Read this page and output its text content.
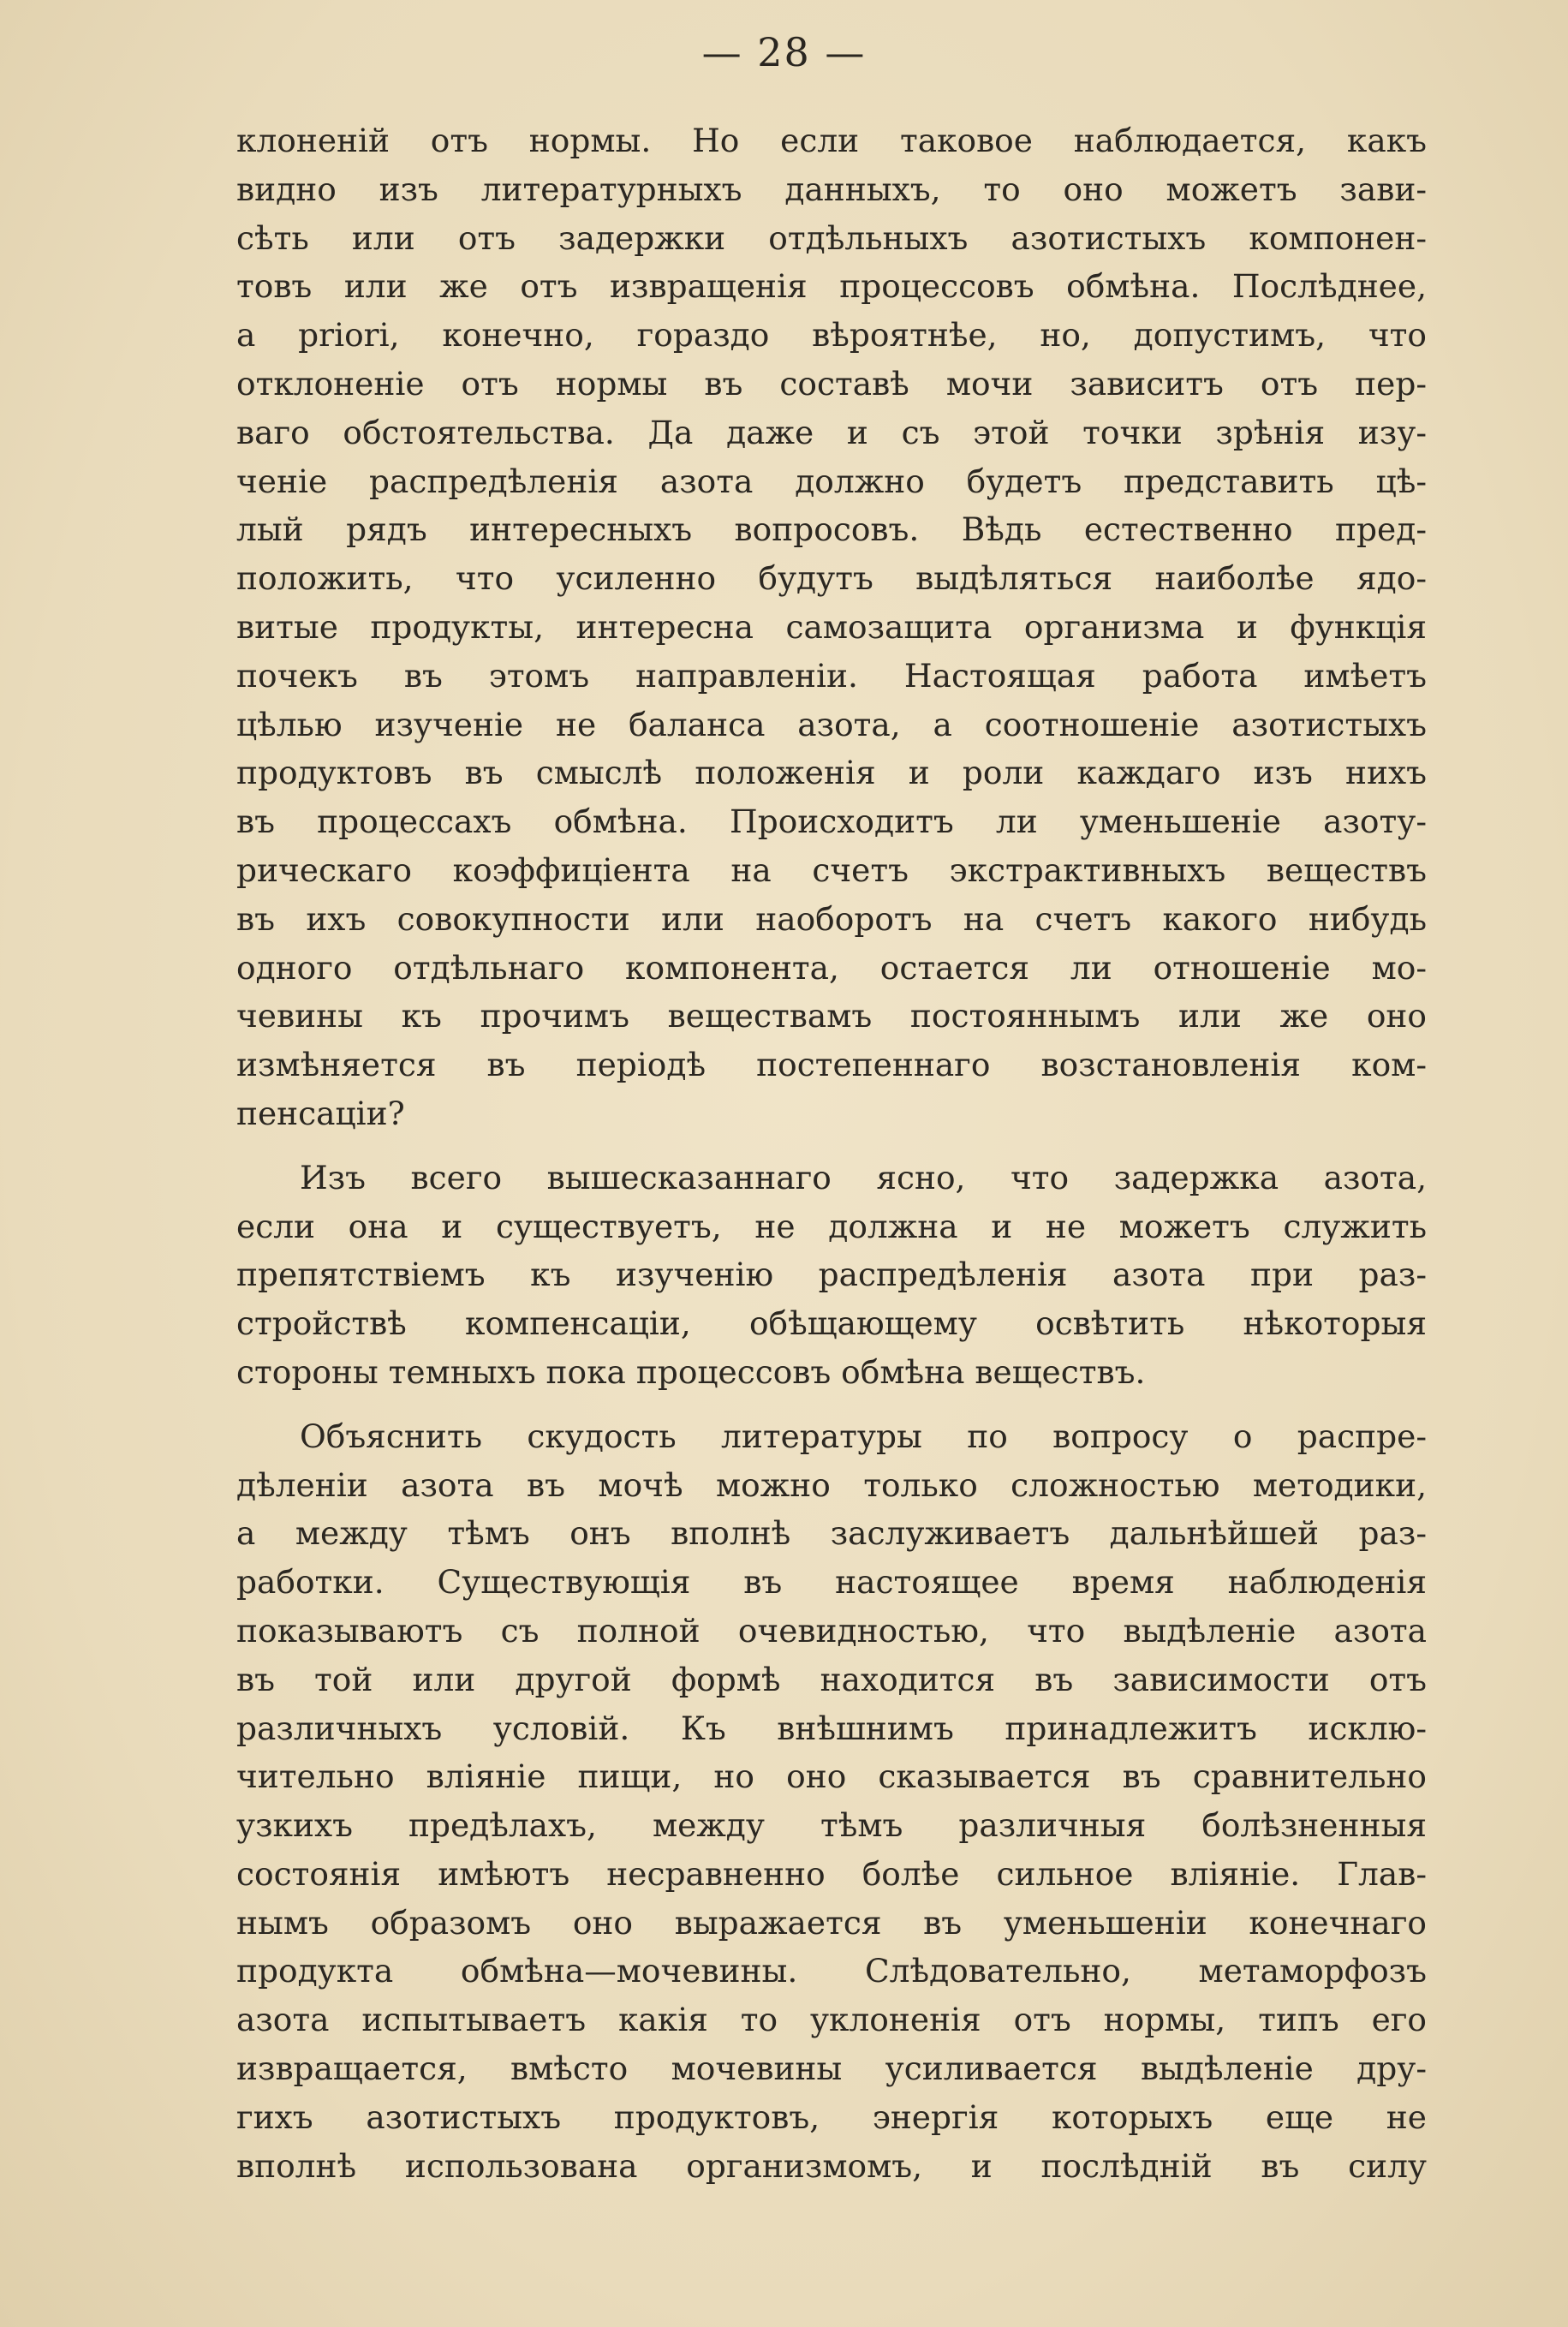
— 28 —
клоненій отъ нормы. Но если таковое наблюдается, какъ
видно изъ литературныхъ данныхъ, то оно можетъ зави-
сѣть или отъ задержки отдѣльныхъ азотистыхъ компонен-
товъ или же отъ извращенія процессовъ обмѣна. Послѣднее,
a priori, конечно, гораздо вѣроятнѣе, но, допустимъ, что
отклоненіе отъ нормы въ составѣ мочи зависитъ отъ пер-
ваго обстоятельства. Да даже и съ этой точки зрѣнія изу-
ченіе распредѣленія азота должно будетъ представить цѣ-
лый рядъ интересныхъ вопросовъ. Вѣдь естественно пред-
положить, что усиленно будутъ выдѣляться наиболѣе ядо-
витые продукты, интересна самозащита организма и функція
почекъ въ этомъ направленіи. Настоящая работа имѣетъ
цѣлью изученіе не баланса азота, а соотношеніе азотистыхъ
продуктовъ въ смыслѣ положенія и роли каждаго изъ нихъ
въ процессахъ обмѣна. Происходитъ ли уменьшеніе азоту-
рическаго коэффиціента на счетъ экстрактивныхъ веществъ
въ ихъ совокупности или наоборотъ на счетъ какого нибудь
одного отдѣльнаго компонента, остается ли отношеніе мо-
чевины къ прочимъ веществамъ постояннымъ или же оно
измѣняется въ періодѣ постепеннаго возстановленія ком-
пенсаціи?
Изъ всего вышесказаннаго ясно, что задержка азота,
если она и существуетъ, не должна и не можетъ служить
препятствіемъ къ изученію распредѣленія азота при раз-
стройствѣ компенсаціи, обѣщающему освѣтить нѣкоторыя
стороны темныхъ пока процессовъ обмѣна веществъ.
Объяснить скудость литературы по вопросу о распре-
дѣленіи азота въ мочѣ можно только сложностью методики,
а между тѣмъ онъ вполнѣ заслуживаетъ дальнѣйшей раз-
работки. Существующія въ настоящее время наблюденія
показываютъ съ полной очевидностью, что выдѣленіе азота
въ той или другой формѣ находится въ зависимости отъ
различныхъ условій. Къ внѣшнимъ принадлежитъ исклю-
чительно вліяніе пищи, но оно сказывается въ сравнительно
узкихъ предѣлахъ, между тѣмъ различныя болѣзненныя
состоянія имѣютъ несравненно болѣе сильное вліяніе. Глав-
нымъ образомъ оно выражается въ уменьшеніи конечнаго
продукта обмѣна—мочевины. Слѣдовательно, метаморфозъ
азота испытываетъ какія то уклоненія отъ нормы, типъ его
извращается, вмѣсто мочевины усиливается выдѣленіе дру-
гихъ азотистыхъ продуктовъ, энергія которыхъ еще не
вполнѣ использована организмомъ, и послѣдній въ силу
